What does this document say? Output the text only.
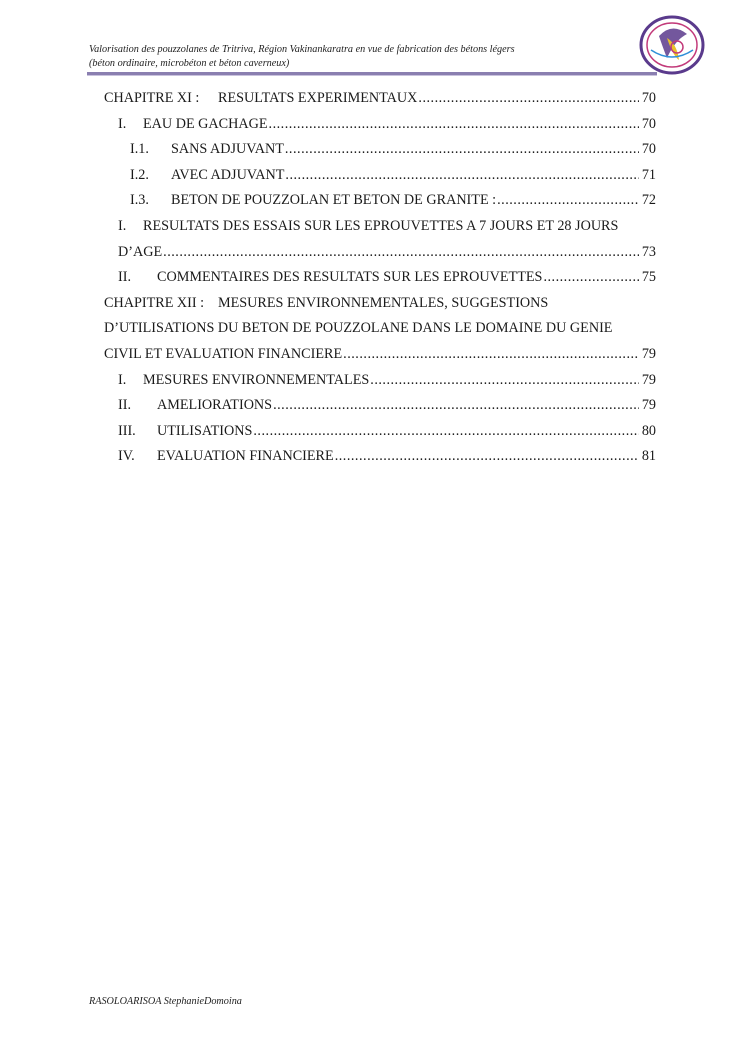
Valorisation des pouzzolanes de Tritriva, Région Vakinankaratra en vue de fabrication des bétons légers
(béton ordinaire, microbéton et béton caverneux)
CHAPITRE XI :	RESULTATS EXPERIMENTAUX .....	70
I.	EAU DE GACHAGE .....	70
I.1.	SANS ADJUVANT .....	70
I.2.	AVEC ADJUVANT .....	71
I.3.	BETON DE POUZZOLAN ET BETON DE GRANITE : .....	72
I. RESULTATS DES ESSAIS SUR LES EPROUVETTES A 7 JOURS ET 28 JOURS
D’AGE .....	73
II.	COMMENTAIRES DES RESULTATS SUR LES EPROUVETTES .....	75
CHAPITRE XII : MESURES ENVIRONNEMENTALES, SUGGESTIONS
D’UTILISATIONS DU BETON DE POUZZOLANE DANS LE DOMAINE DU GENIE
CIVIL ET EVALUATION FINANCIERE .....	79
I.	MESURES ENVIRONNEMENTALES .....	79
II.	AMELIORATIONS .....	79
III.	UTILISATIONS .....	80
IV.	EVALUATION FINANCIERE .....	81
RASOLOARISOA StephanieDomoina
